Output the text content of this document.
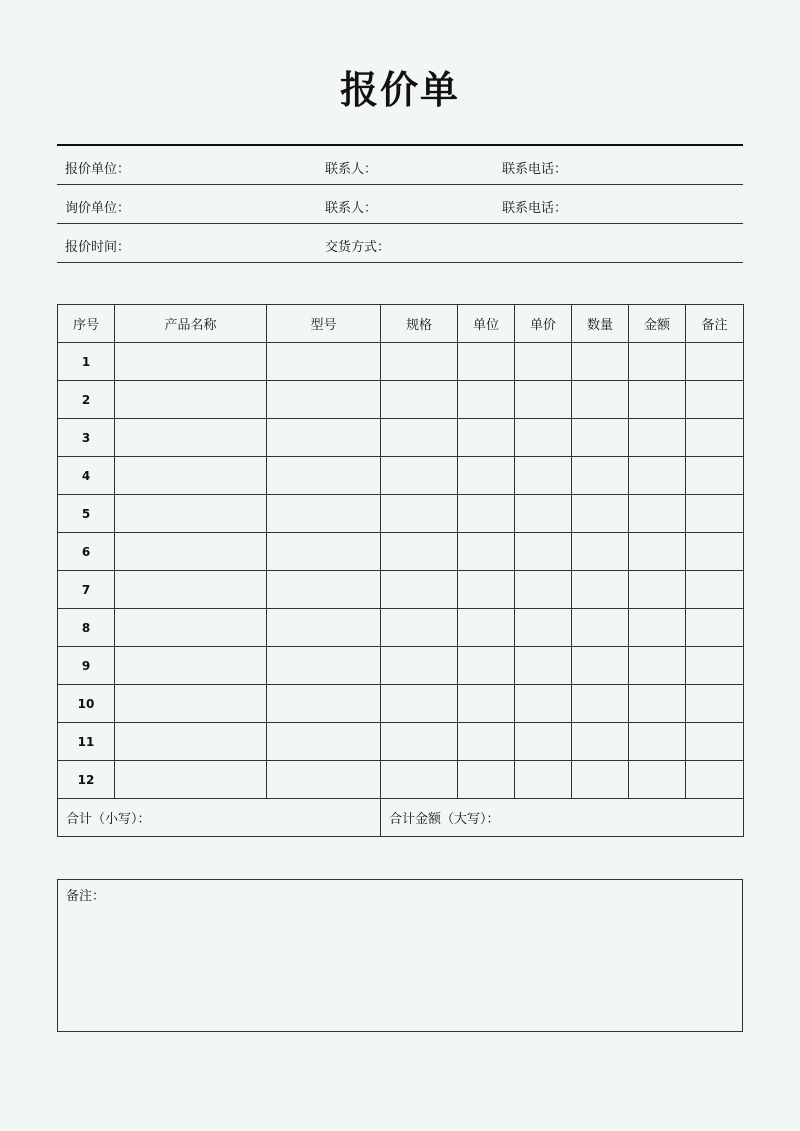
报价单
报价单位：	联系人：	联系电话：
询价单位：	联系人：	联系电话：
报价时间：	交货方式：
序号	产品名称	型号	规格	单位	单价	数量	金额	备注
1								
2								
3								
4								
5								
6								
7								
8								
9								
10								
11								
12								
合计（小写）：			合计金额（大写）：					
备注：
